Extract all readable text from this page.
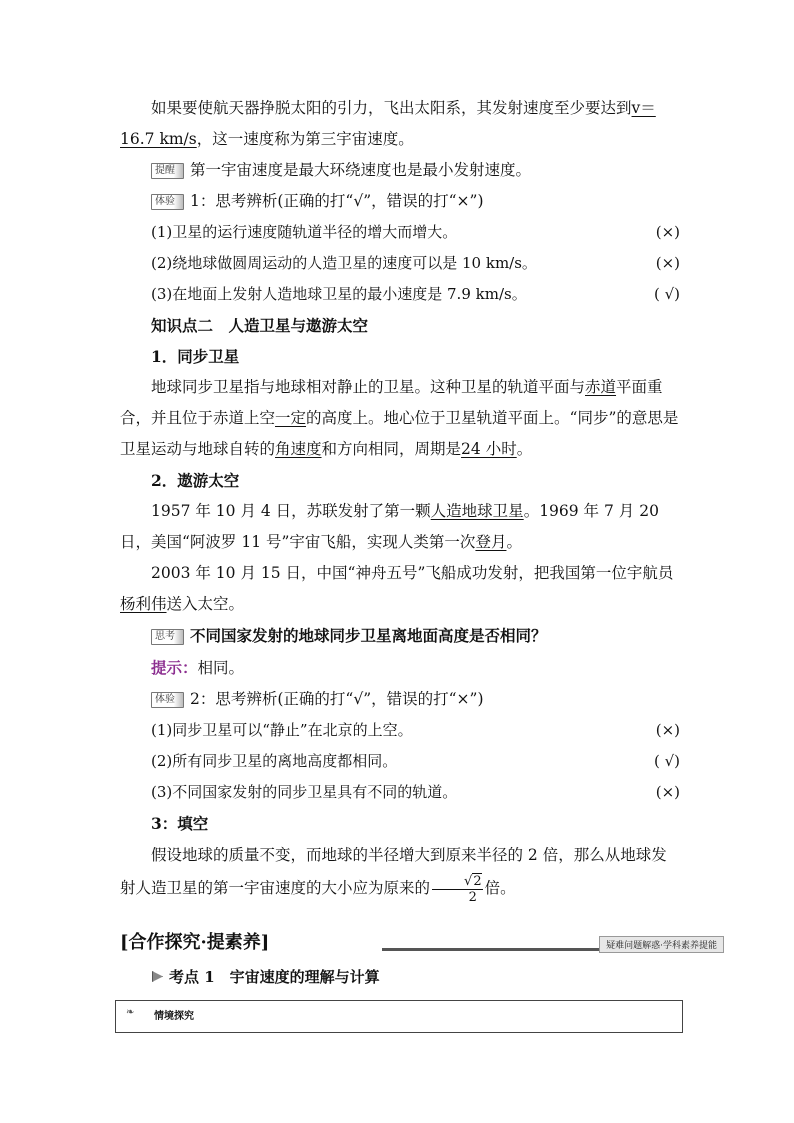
如果要使航天器挣脱太阳的引力，飞出太阳系，其发射速度至少要达到v＝16.7 km/s，这一速度称为第三宇宙速度。

提醒 第一宇宙速度是最大环绕速度也是最小发射速度。

体验 1：思考辨析(正确的打“√”，错误的打“×”)

(1)卫星的运行速度随轨道半径的增大而增大。	(×)
(2)绕地球做圆周运动的人造卫星的速度可以是 10 km/s。	(×)
(3)在地面上发射人造地球卫星的最小速度是 7.9 km/s。	( √)

知识点二　人造卫星与遨游太空

1．同步卫星

地球同步卫星指与地球相对静止的卫星。这种卫星的轨道平面与赤道平面重合，并且位于赤道上空一定的高度上。地心位于卫星轨道平面上。“同步”的意思是卫星运动与地球自转的角速度和方向相同，周期是24 小时。

2．遨游太空

1957 年 10 月 4 日，苏联发射了第一颗人造地球卫星。1969 年 7 月 20 日，美国“阿波罗 11 号”宇宙飞船，实现人类第一次登月。

2003 年 10 月 15 日，中国“神舟五号”飞船成功发射，把我国第一位宇航员杨利伟送入太空。

思考 不同国家发射的地球同步卫星离地面高度是否相同？

提示：相同。

体验 2：思考辨析(正确的打“√”，错误的打“×”)

(1)同步卫星可以“静止”在北京的上空。	(×)
(2)所有同步卫星的离地高度都相同。	( √)
(3)不同国家发射的同步卫星具有不同的轨道。	(×)

3：填空

假设地球的质量不变，而地球的半径增大到原来半径的 2 倍，那么从地球发射人造卫星的第一宇宙速度的大小应为原来的 $\frac{√2}{2}$ 倍。

[合作探究·提素养]	疑难问题解惑·学科素养提能
考点 1　宇宙速度的理解与计算
❧	情境探究
